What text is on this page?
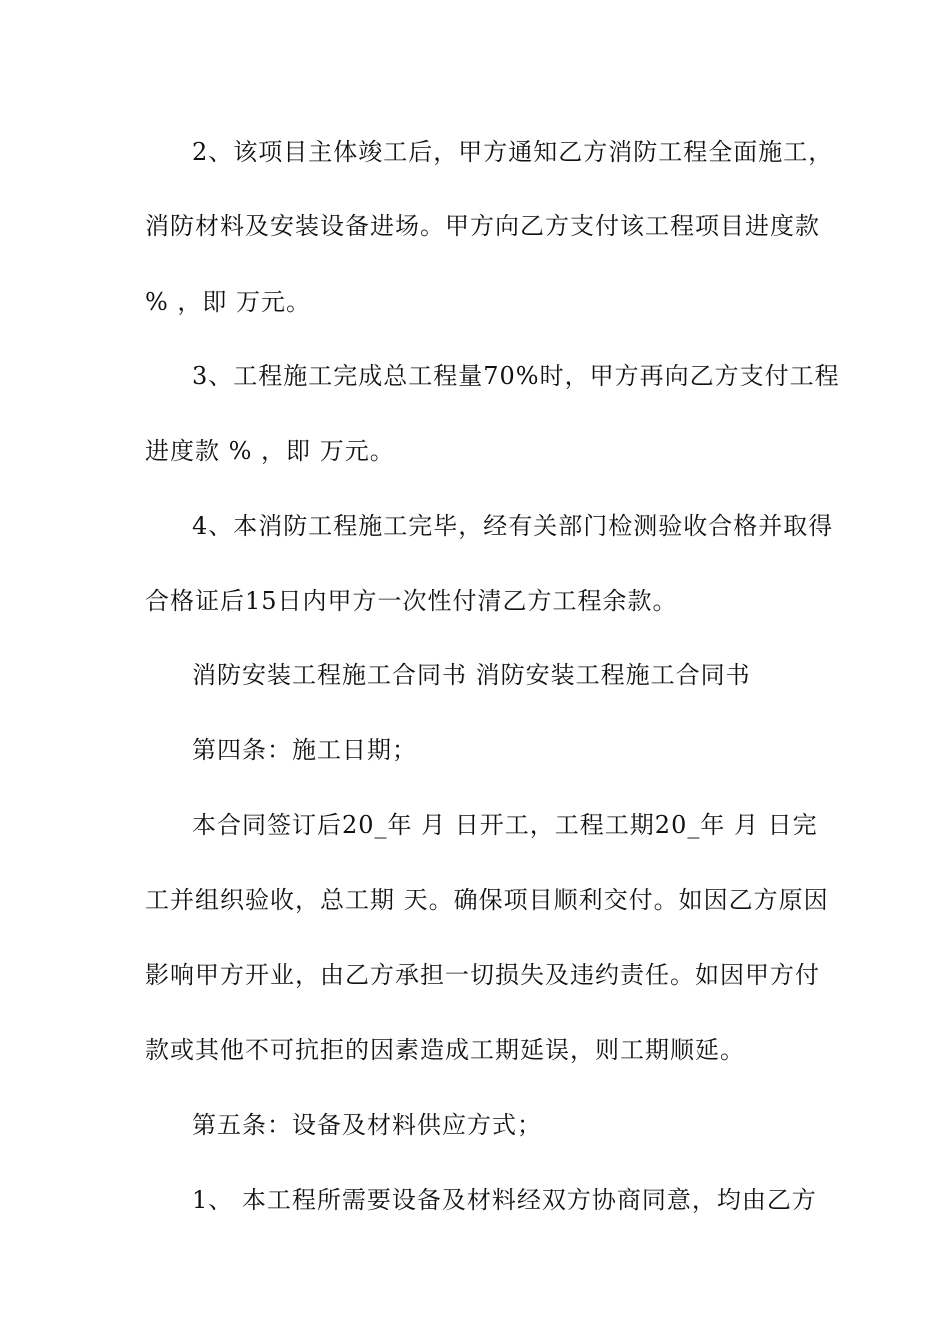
2、该项目主体竣工后，甲方通知乙方消防工程全面施工，
消防材料及安装设备进场。甲方向乙方支付该工程项目进度款
% ，即 万元。
3、工程施工完成总工程量70%时，甲方再向乙方支付工程
进度款 % ，即 万元。
4、本消防工程施工完毕，经有关部门检测验收合格并取得
合格证后15日内甲方一次性付清乙方工程余款。
消防安装工程施工合同书 消防安装工程施工合同书
第四条：施工日期；
本合同签订后20_年 月 日开工，工程工期20_年 月 日完
工并组织验收，总工期 天。确保项目顺利交付。如因乙方原因
影响甲方开业，由乙方承担一切损失及违约责任。如因甲方付
款或其他不可抗拒的因素造成工期延误，则工期顺延。
第五条：设备及材料供应方式；
1、 本工程所需要设备及材料经双方协商同意，均由乙方
